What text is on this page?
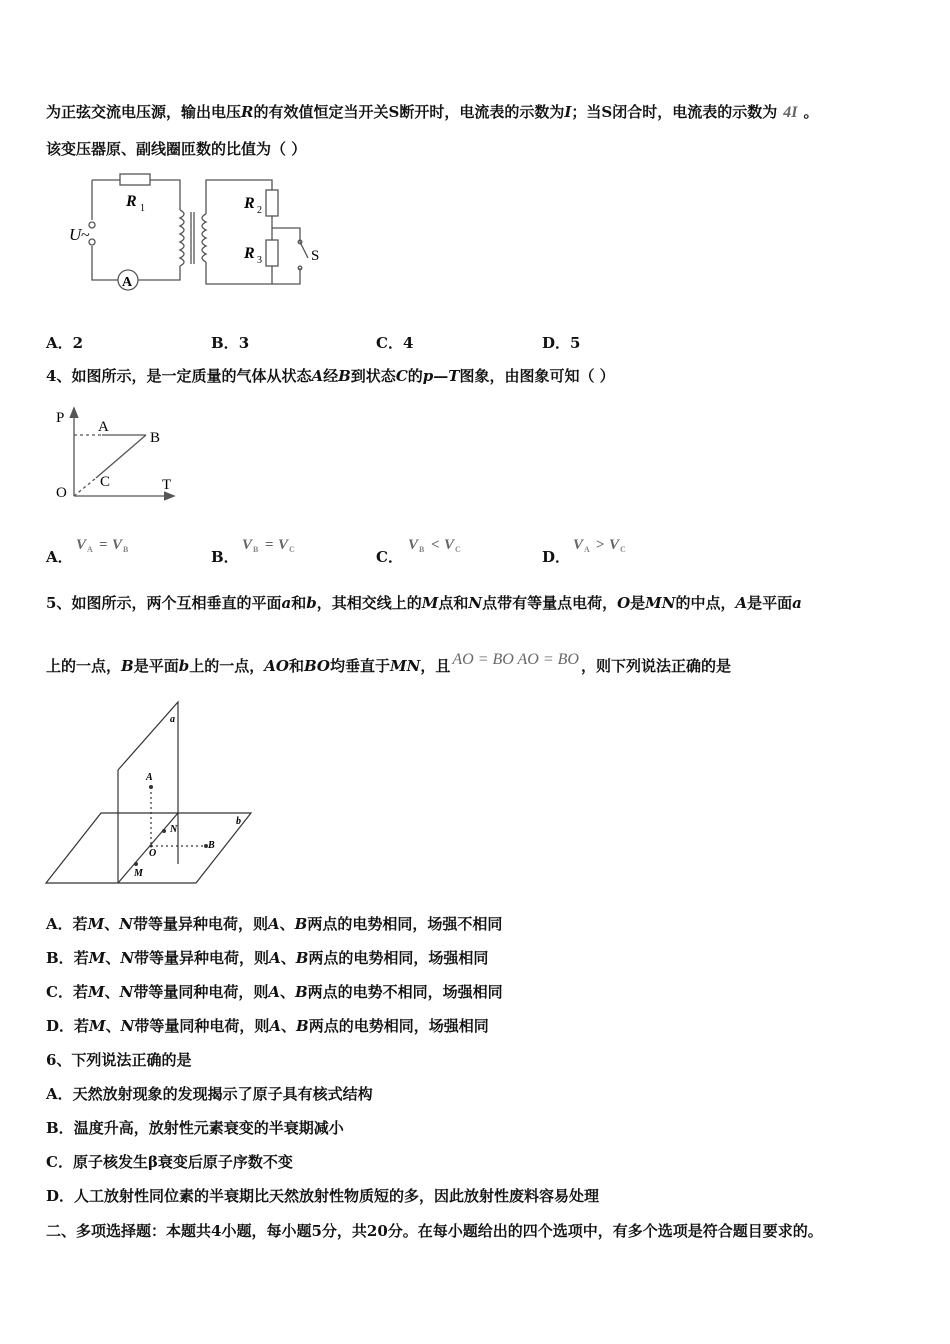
为正弦交流电压源，输出电压R的有效值恒定当开关S断开时，电流表的示数为I；当S闭合时，电流表的示数为 4I 。
该变压器原、副线圈匝数的比值为（ ）
U ~
R 1	R 2
R 3	S
A
A．2	B．3	C．4	D．5
4、如图所示，是一定质量的气体从状态A经B到状态C的p—T图象，由图象可知（ ）
P
T
O
A
B
C
A．
V A = V B	B．
V B = V C	C．
V B < V C	D．
V A > V C
5、如图所示，两个互相垂直的平面a和b，其相交线上的M点和N点带有等量点电荷，O是MN的中点，A是平面a
上的一点，B是平面b上的一点，AO和BO均垂直于MN，且 AO = BO AO = BO ，则下列说法正确的是
a
b
A
B
N
O
M
A．若M、N带等量异种电荷，则A、B两点的电势相同，场强不相同
B．若M、N带等量异种电荷，则A、B两点的电势相同，场强相同
C．若M、N带等量同种电荷，则A、B两点的电势不相同，场强相同
D．若M、N带等量同种电荷，则A、B两点的电势相同，场强相同
6、下列说法正确的是
A．天然放射现象的发现揭示了原子具有核式结构
B．温度升高，放射性元素衰变的半衰期减小
C．原子核发生β衰变后原子序数不变
D．人工放射性同位素的半衰期比天然放射性物质短的多，因此放射性废料容易处理
二、多项选择题：本题共4小题，每小题5分，共20分。在每小题给出的四个选项中，有多个选项是符合题目要求的。
